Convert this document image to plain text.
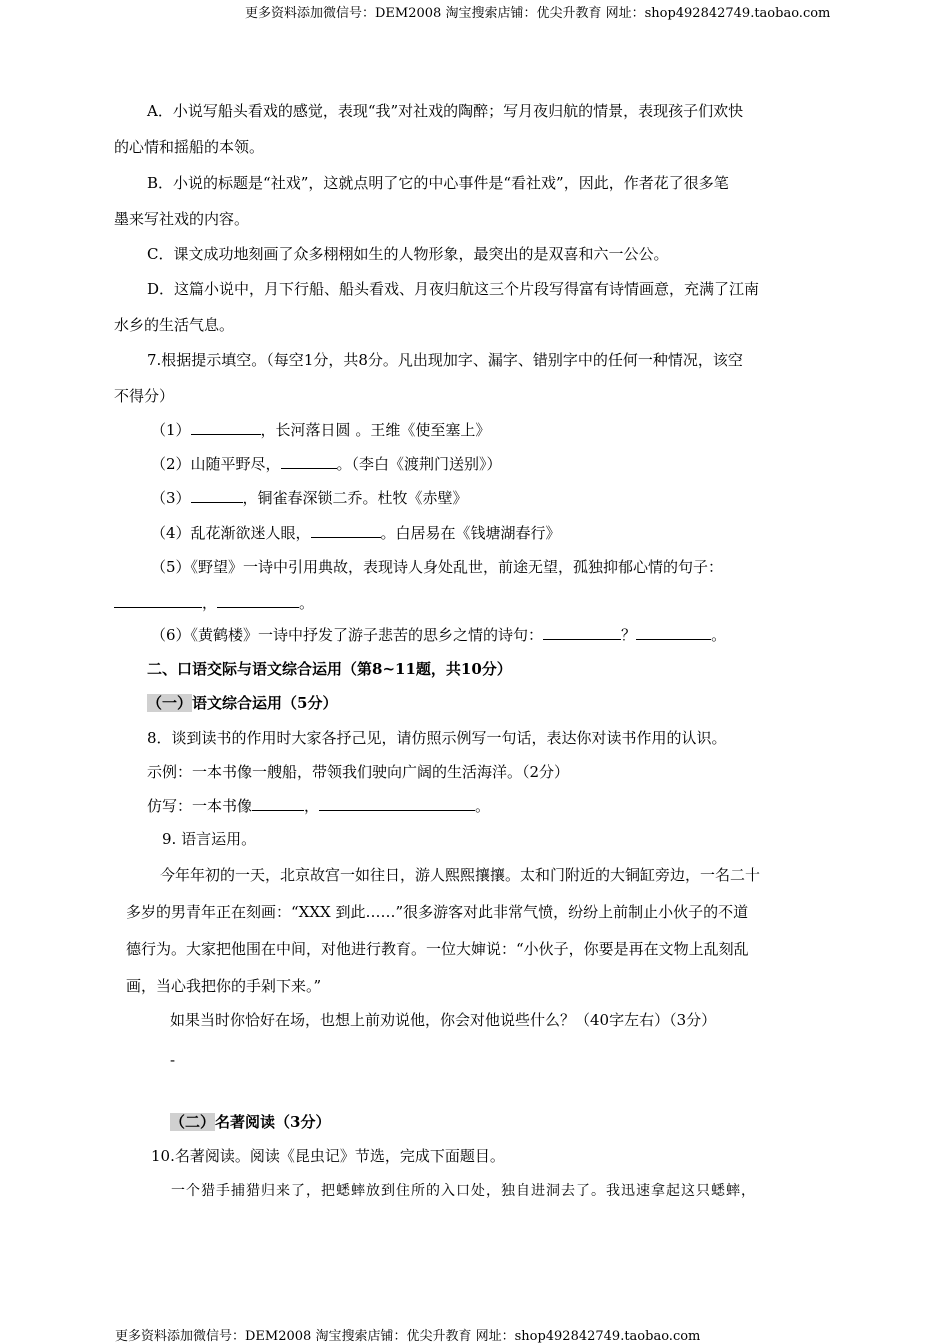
更多资料添加微信号：DEM2008 淘宝搜索店铺：优尖升教育 网址：shop492842749.taobao.com
A．小说写船头看戏的感觉，表现“我”对社戏的陶醉；写月夜归航的情景，表现孩子们欢快
的心情和摇船的本领。
B．小说的标题是“社戏”，这就点明了它的中心事件是“看社戏”，因此，作者花了很多笔
墨来写社戏的内容。
C．课文成功地刻画了众多栩栩如生的人物形象，最突出的是双喜和六一公公。
D．这篇小说中，月下行船、船头看戏、月夜归航这三个片段写得富有诗情画意，充满了江南
水乡的生活气息。
7.根据提示填空。（每空1分，共8分。凡出现加字、漏字、错别字中的任何一种情况，该空
不得分）
（1）	，长河落日圆 。王维《使至塞上》
（2）山随平野尽，	。（李白《渡荆门送别》）
（3）	，铜雀春深锁二乔。杜牧《赤壁》
（4）乱花渐欲迷人眼，	。白居易在《钱塘湖春行》
（5）《野望》一诗中引用典故，表现诗人身处乱世，前途无望，孤独抑郁心情的句子：
，	。
（6）《黄鹤楼》一诗中抒发了游子悲苦的思乡之情的诗句：	？	。
二、口语交际与语文综合运用（第8~11题，共10分）
（一）语文综合运用（5分）
8．谈到读书的作用时大家各抒己见，请仿照示例写一句话，表达你对读书作用的认识。
示例：一本书像一艘船，带领我们驶向广阔的生活海洋。（2分）
仿写：一本书像	，	。
9. 语言运用。
今年年初的一天，北京故宫一如往日，游人熙熙攘攘。太和门附近的大铜缸旁边，一名二十
多岁的男青年正在刻画：“XXX 到此……”很多游客对此非常气愤，纷纷上前制止小伙子的不道
德行为。大家把他围在中间，对他进行教育。一位大婶说：“小伙子，你要是再在文物上乱刻乱
画，当心我把你的手剁下来。”
如果当时你恰好在场，也想上前劝说他，你会对他说些什么？（40字左右）（3分）
-
（二）名著阅读（3分）
10.名著阅读。阅读《昆虫记》节选，完成下面题目。
一个猎手捕猎归来了，把蟋蟀放到住所的入口处，独自进洞去了。我迅速拿起这只蟋蟀，
更多资料添加微信号：DEM2008 淘宝搜索店铺：优尖升教育 网址：shop492842749.taobao.com
